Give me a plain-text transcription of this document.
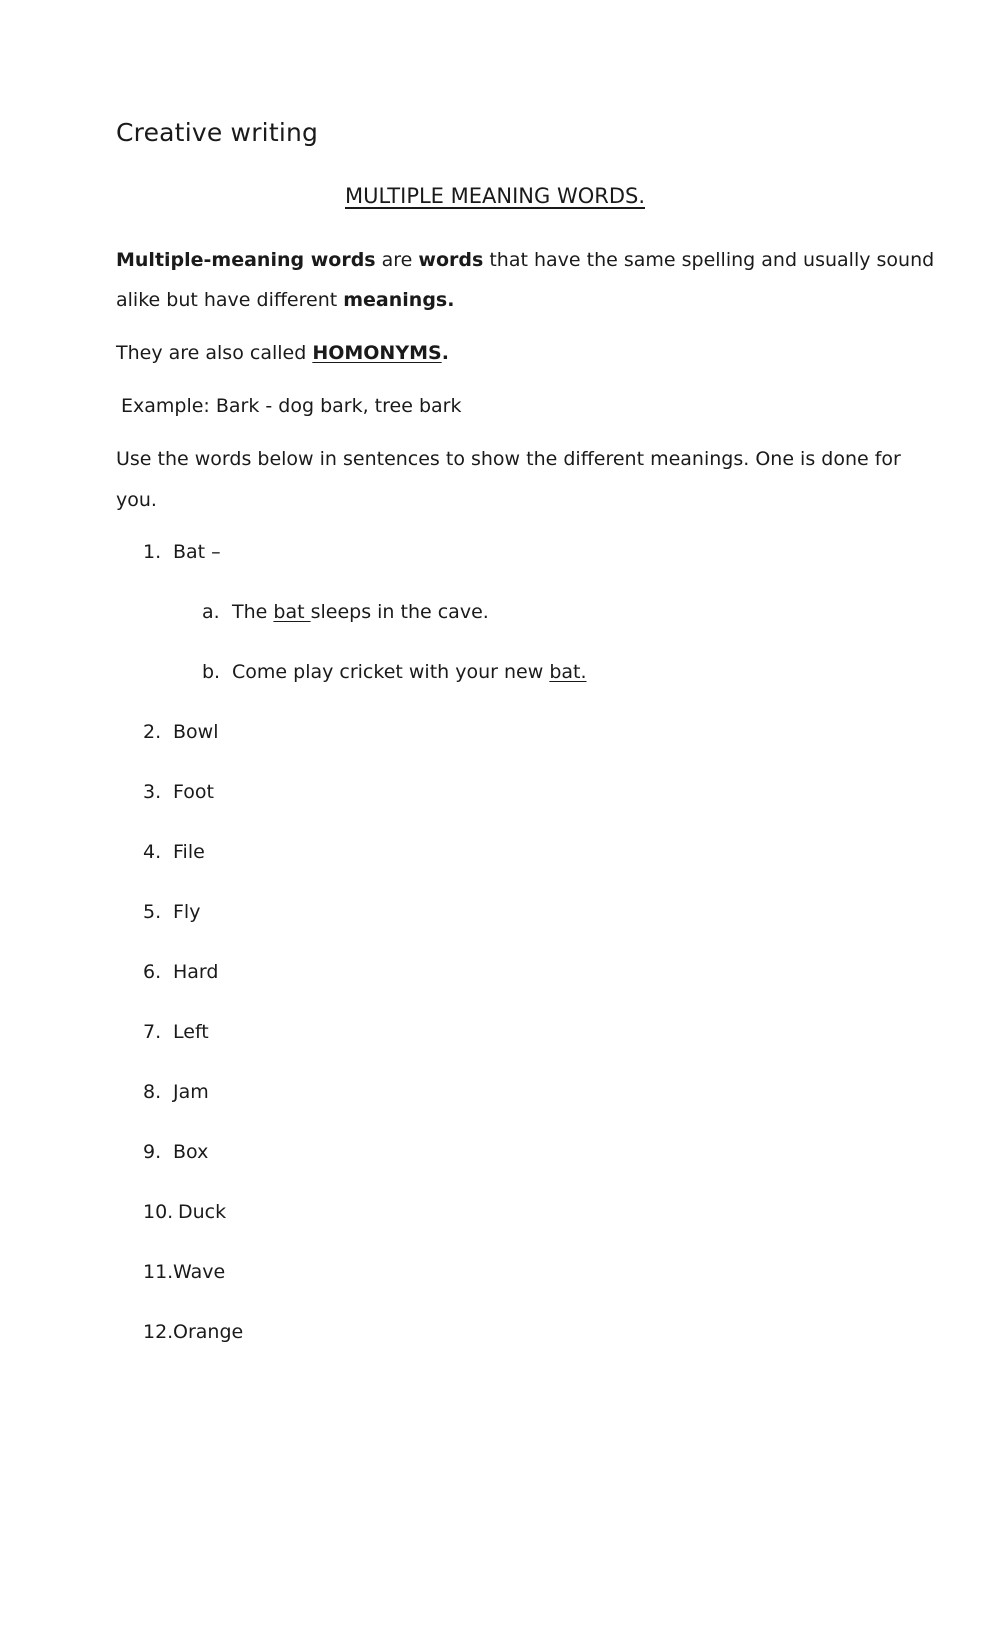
Creative writing
MULTIPLE MEANING WORDS.
Multiple-meaning words are words that have the same spelling and usually sound
alike but have different meanings.
They are also called HOMONYMS.
Example: Bark - dog bark, tree bark
Use the words below in sentences to show the different meanings. One is done for
you.
1. Bat –
a. The bat sleeps in the cave.
b. Come play cricket with your new bat.
2. Bowl
3. Foot
4. File
5. Fly
6. Hard
7. Left
8. Jam
9. Box
10. Duck
11.Wave
12.Orange
